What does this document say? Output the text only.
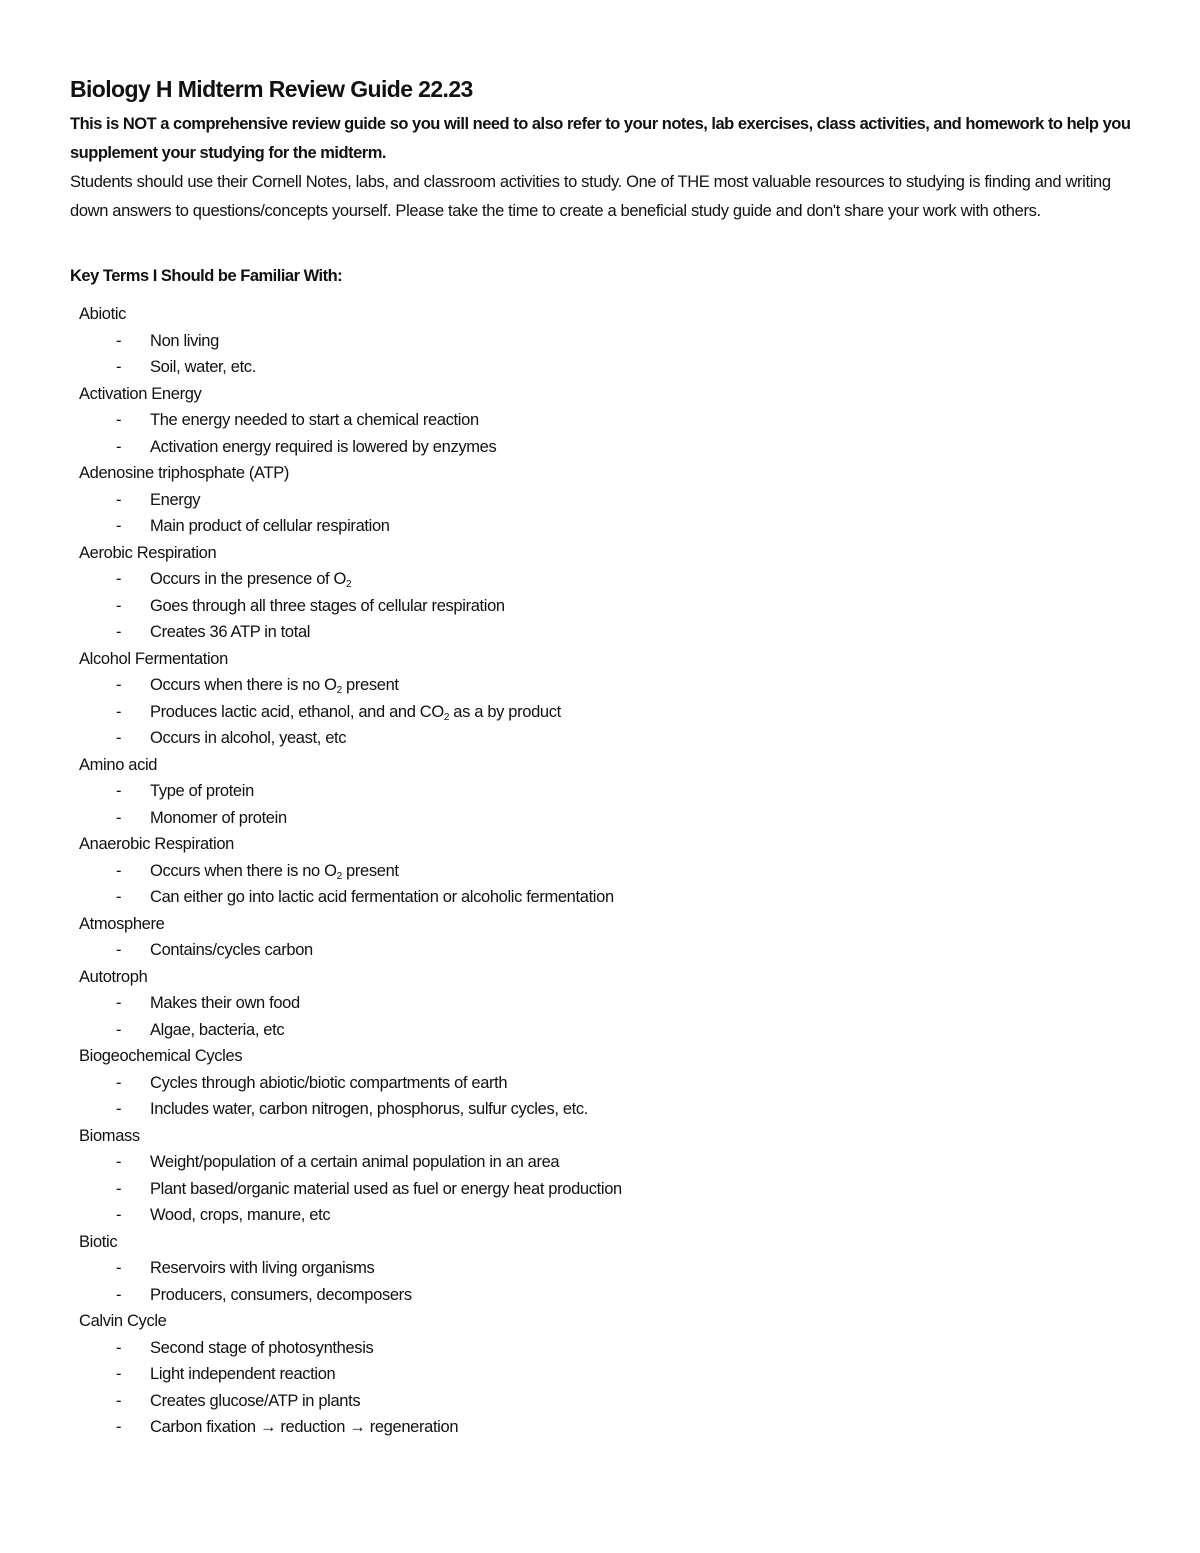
Biology H Midterm Review Guide 22.23

This is NOT a comprehensive review guide so you will need to also refer to your notes, lab exercises, class activities, and homework to help you supplement your studying for the midterm.

Students should use their Cornell Notes, labs, and classroom activities to study. One of THE most valuable resources to studying is finding and writing down answers to questions/concepts yourself. Please take the time to create a beneficial study guide and don't share your work with others.

Key Terms I Should be Familiar With:
Abiotic
- Non living
- Soil, water, etc.
Activation Energy
- The energy needed to start a chemical reaction
- Activation energy required is lowered by enzymes
Adenosine triphosphate (ATP)
- Energy
- Main product of cellular respiration
Aerobic Respiration
- Occurs in the presence of $O_2$
- Goes through all three stages of cellular respiration
- Creates 36 ATP in total
Alcohol Fermentation
- Occurs when there is no $O_2$ present
- Produces lactic acid, ethanol, and and $CO_2$ as a by product
- Occurs in alcohol, yeast, etc
Amino acid
- Type of protein
- Monomer of protein
Anaerobic Respiration
- Occurs when there is no $O_2$ present
- Can either go into lactic acid fermentation or alcoholic fermentation
Atmosphere
- Contains/cycles carbon
Autotroph
- Makes their own food
- Algae, bacteria, etc
Biogeochemical Cycles
- Cycles through abiotic/biotic compartments of earth
- Includes water, carbon nitrogen, phosphorus, sulfur cycles, etc.
Biomass
- Weight/population of a certain animal population in an area
- Plant based/organic material used as fuel or energy heat production
- Wood, crops, manure, etc
Biotic
- Reservoirs with living organisms
- Producers, consumers, decomposers
Calvin Cycle
- Second stage of photosynthesis
- Light independent reaction
- Creates glucose/ATP in plants
- Carbon fixation → reduction → regeneration
